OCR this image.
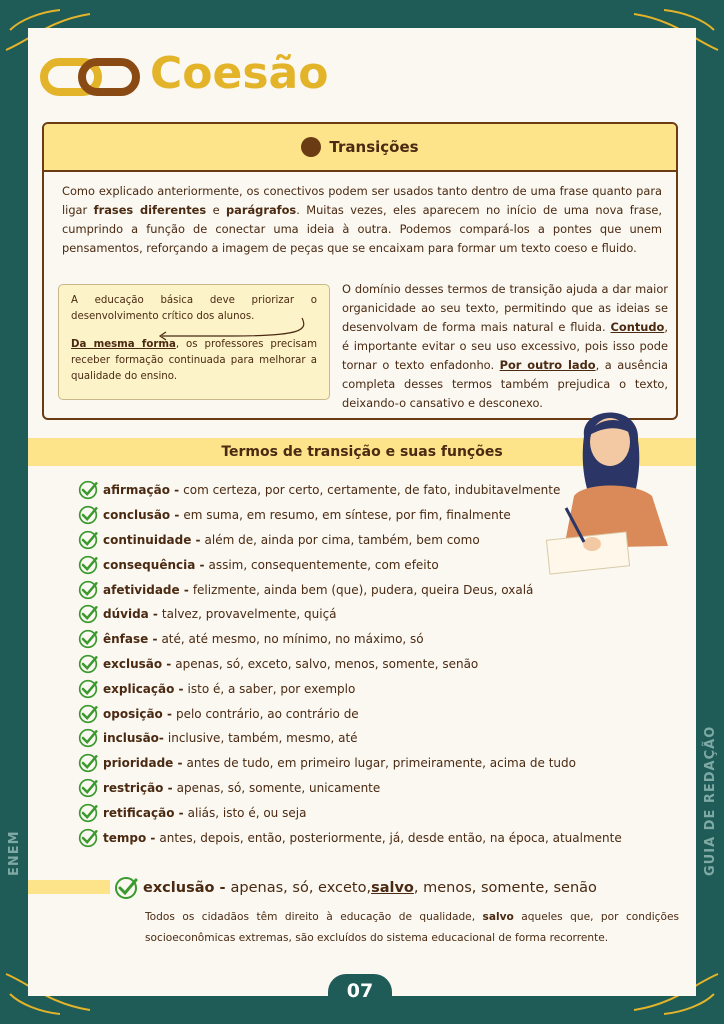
ENEM	GUIA DE REDAÇÃO
Coesão
Transições

Como explicado anteriormente, os conectivos podem ser usados tanto dentro de uma frase quanto para ligar frases diferentes e parágrafos. Muitas vezes, eles aparecem no início de uma nova frase, cumprindo a função de conectar uma ideia à outra. Podemos compará-los a pontes que unem pensamentos, reforçando a imagem de peças que se encaixam para formar um texto coeso e fluido.

A educação básica deve priorizar o desenvolvimento crítico dos alunos.

Da mesma forma, os professores precisam receber formação continuada para melhorar a qualidade do ensino.

O domínio desses termos de transição ajuda a dar maior organicidade ao seu texto, permitindo que as ideias se desenvolvam de forma mais natural e fluida. Contudo, é importante evitar o seu uso excessivo, pois isso pode tornar o texto enfadonho. Por outro lado, a ausência completa desses termos também prejudica o texto, deixando-o cansativo e desconexo.

Termos de transição e suas funções
afirmação - com certeza, por certo, certamente, de fato, indubitavelmente
conclusão - em suma, em resumo, em síntese, por fim, finalmente
continuidade - além de, ainda por cima, também, bem como
consequência - assim, consequentemente, com efeito
afetividade - felizmente, ainda bem (que), pudera, queira Deus, oxalá
dúvida - talvez, provavelmente, quiçá
ênfase - até, até mesmo, no mínimo, no máximo, só
exclusão - apenas, só, exceto, salvo, menos, somente, senão
explicação - isto é, a saber, por exemplo
oposição - pelo contrário, ao contrário de
inclusão- inclusive, também, mesmo, até
prioridade - antes de tudo, em primeiro lugar, primeiramente, acima de tudo
restrição - apenas, só, somente, unicamente
retificação - aliás, isto é, ou seja
tempo - antes, depois, então, posteriormente, já, desde então, na época, atualmente
exclusão - apenas, só, exceto, salvo , menos, somente, senão

Todos os cidadãos têm direito à educação de qualidade, salvo aqueles que, por condições socioeconômicas extremas, são excluídos do sistema educacional de forma recorrente.

07
